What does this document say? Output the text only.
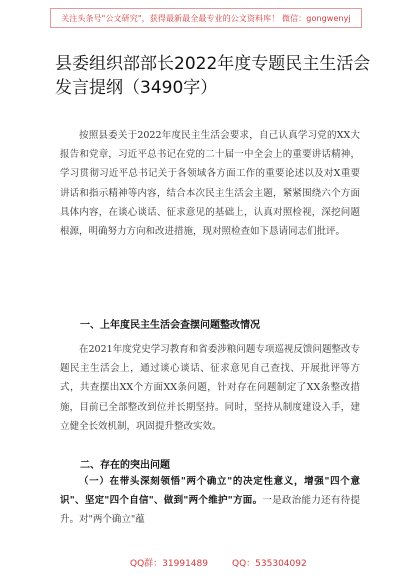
关注头条号"公文研究"，获得最新最全最专业的公文资料库！ 微信：gongwenyj
县委组织部部长2022年度专题民主生活会发言提纲（3490字）

按照县委关于2022年度民主生活会要求，自己认真学习党的XX大报告和党章，习近平总书记在党的二十届一中全会上的重要讲话精神，学习贯彻习近平总书记关于各领域各方面工作的重要论述以及对X重要讲话和指示精神等内容，结合本次民主生活会主题，紧紧围绕六个方面具体内容，在谈心谈话、征求意见的基础上，认真对照检视，深挖问题根源，明确努力方向和改进措施，现对照检查如下恳请同志们批评。

一、上年度民主生活会查摆问题整改情况

在2021年度党史学习教育和省委涉粮问题专项巡视反馈问题整改专题民主生活会上，通过谈心谈话、征求意见自己查找、开展批评等方式，共查摆出XX个方面XX条问题，针对存在问题制定了XX条整改措施，目前已全部整改到位并长期坚持。同时，坚持从制度建设入手，建立健全长效机制，巩固提升整改实效。

二、存在的突出问题

（一）在带头深刻领悟"两个确立"的决定性意义，增强"四个意识"、坚定"四个自信"、做到"两个维护"方面。一是政治能力还有待提升。对"两个确立"蕴

QQ群：31991489	QQ：535304092
